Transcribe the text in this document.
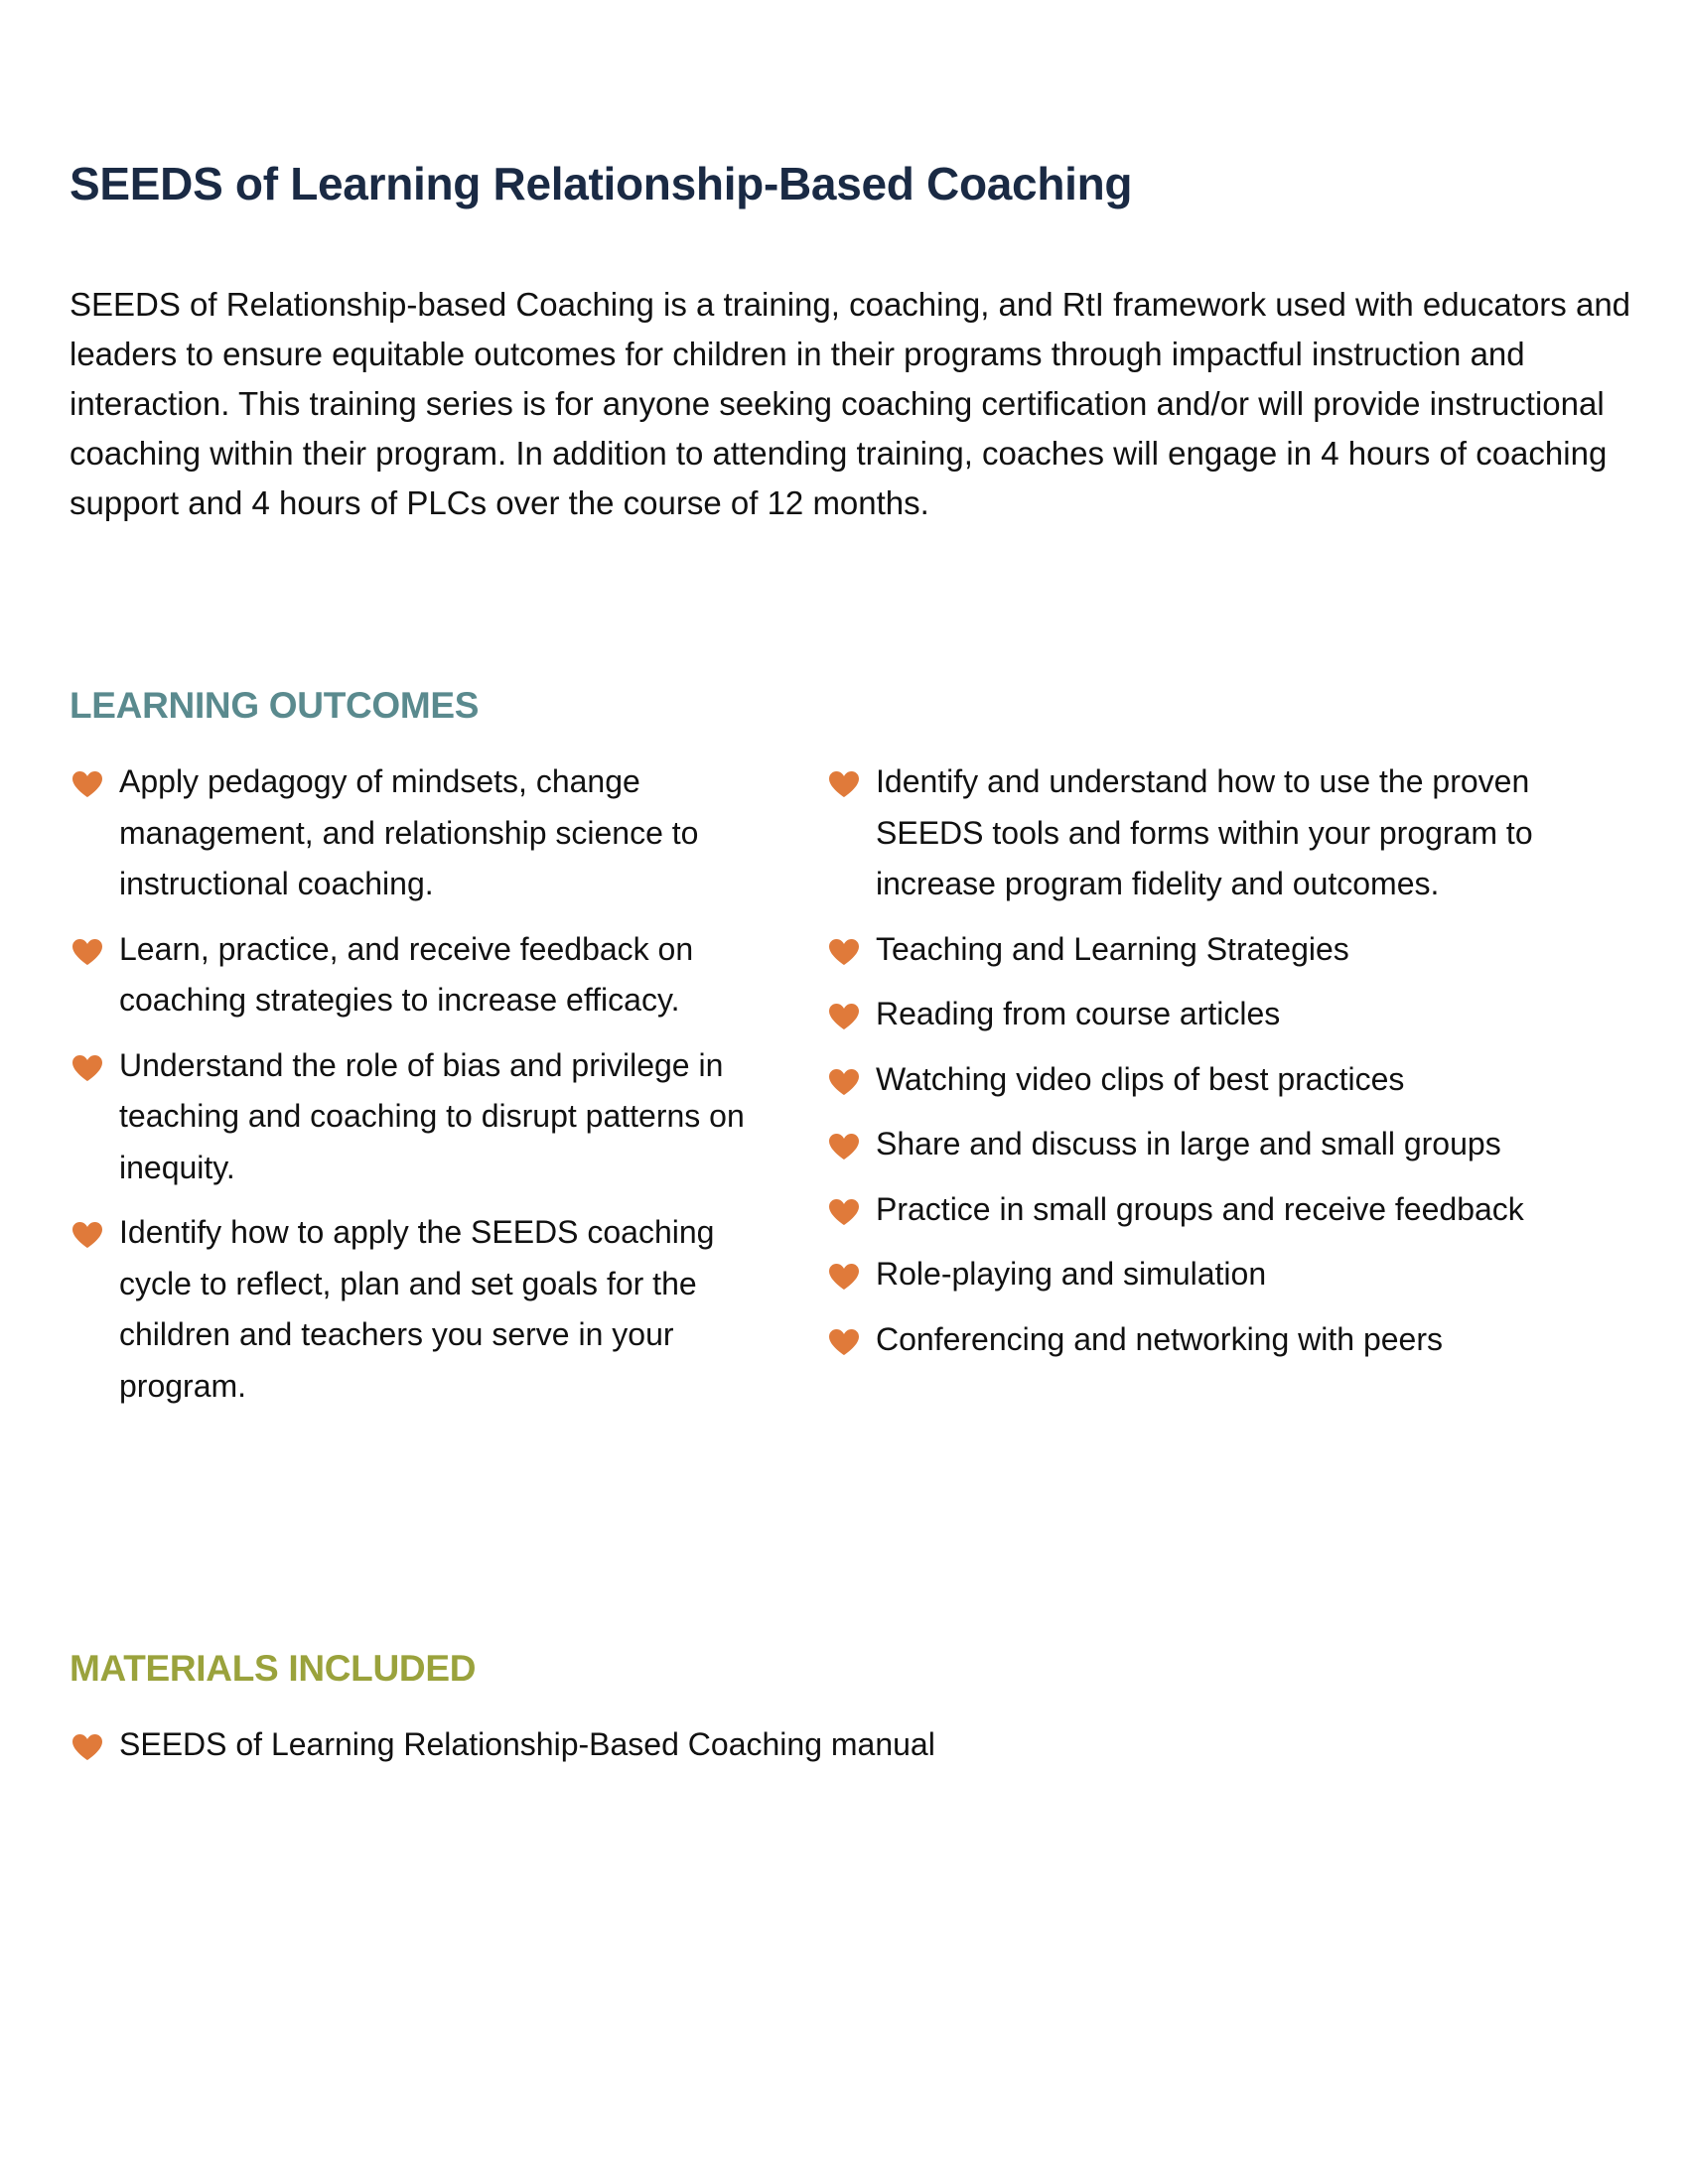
SEEDS of Learning Relationship-Based Coaching

SEEDS of Relationship-based Coaching is a training, coaching, and RtI framework used with educators and leaders to ensure equitable outcomes for children in their programs through impactful instruction and interaction. This training series is for anyone seeking coaching certification and/or will provide instructional coaching within their program. In addition to attending training, coaches will engage in 4 hours of coaching support and 4 hours of PLCs over the course of 12 months.

LEARNING OUTCOMES
Apply pedagogy of mindsets, change management, and relationship science to instructional coaching.
Learn, practice, and receive feedback on coaching strategies to increase efficacy.
Understand the role of bias and privilege in teaching and coaching to disrupt patterns on inequity.
Identify how to apply the SEEDS coaching cycle to reflect, plan and set goals for the children and teachers you serve in your program.
Identify and understand how to use the proven SEEDS tools and forms within your program to increase program fidelity and outcomes.
Teaching and Learning Strategies
Reading from course articles
Watching video clips of best practices
Share and discuss in large and small groups
Practice in small groups and receive feedback
Role-playing and simulation
Conferencing and networking with peers
MATERIALS INCLUDED
SEEDS of Learning Relationship-Based Coaching manual
